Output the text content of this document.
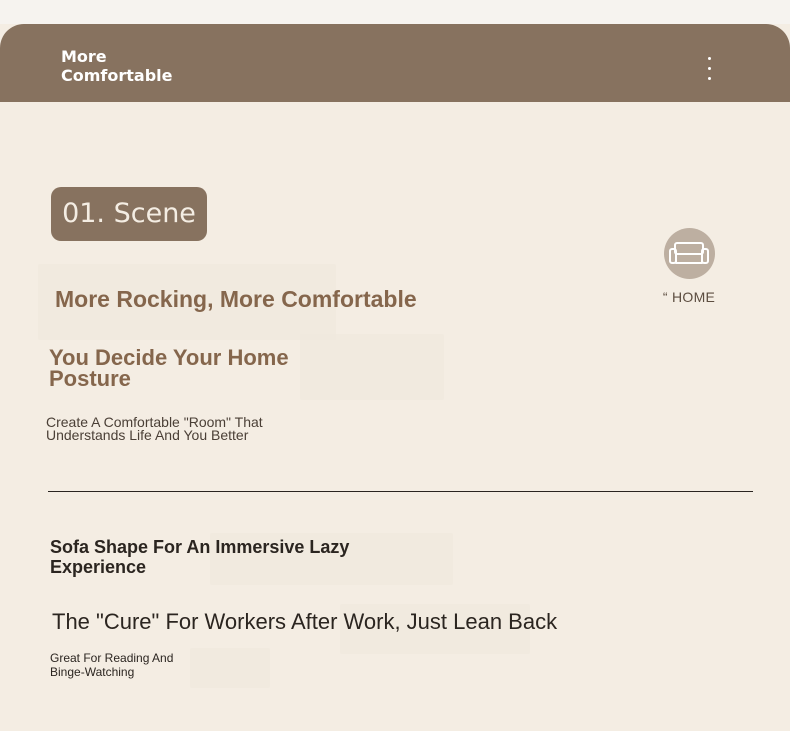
More
Comfortable
01. Scene
“ HOME
More Rocking, More Comfortable
You Decide Your Home Posture

Create A Comfortable "Room" That Understands Life And You Better

Sofa Shape For An Immersive Lazy Experience
The "Cure" For Workers After Work, Just Lean Back

Great For Reading And Binge-Watching
